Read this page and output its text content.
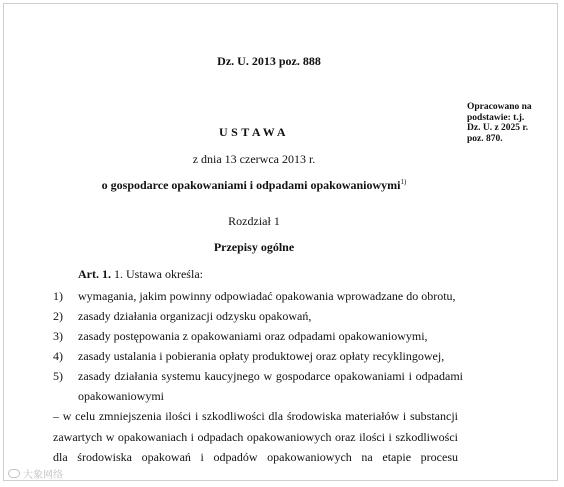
Dz. U. 2013 poz. 888
Opracowano na
podstawie: t.j.
Dz. U. z 2025 r.
poz. 870.
USTAWA
z dnia 13 czerwca 2013 r.
o gospodarce opakowaniami i odpadami opakowaniowymi$^{1)}$
Rozdział 1
Przepisy ogólne
Art. 1. 1. Ustawa określa:
1)	wymagania, jakim powinny odpowiadać opakowania wprowadzane do obrotu,
2)	zasady działania organizacji odzysku opakowań,
3)	zasady postępowania z opakowaniami oraz odpadami opakowaniowymi,
4)	zasady ustalania i pobierania opłaty produktowej oraz opłaty recyklingowej,
5)	zasady działania systemu kaucyjnego w gospodarce opakowaniami i odpadami opakowaniowymi
– w celu zmniejszenia ilości i szkodliwości dla środowiska materiałów i substancji
zawartych w opakowaniach i odpadach opakowaniowych oraz ilości i szkodliwości
dla środowiska opakowań i odpadów opakowaniowych na etapie procesu
大象网络
